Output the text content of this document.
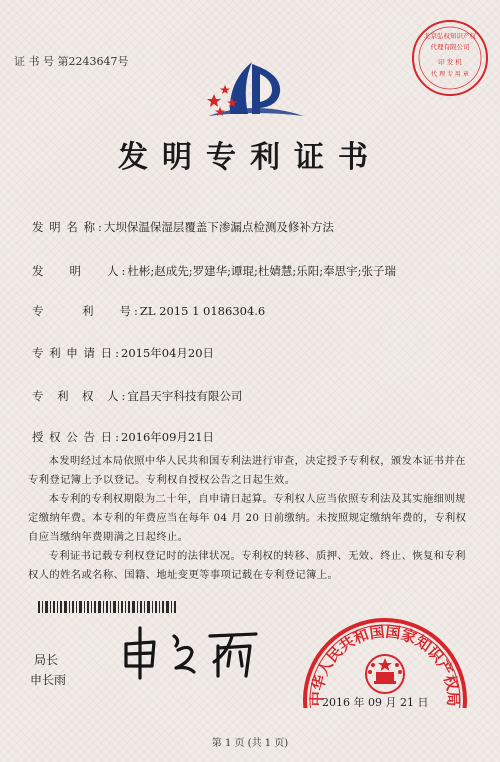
证 书 号 第2243647号
北京弘权知识产权
代理有限公司
印 发 机
代 理 专 用 章
发明专利证书
发 明 名 称 : 大坝保温保湿层覆盖下渗漏点检测及修补方法
发　　明　　人 : 杜彬;赵成先;罗建华;谭琨;杜婧慧;乐阳;奉思宇;张子瑞
专　　　利　　号 : ZL 2015 1 0186304.6
专 利 申 请 日 : 2015年04月20日
专　利　权　人 : 宜昌天宇科技有限公司
授 权 公 告 日 : 2016年09月21日

本发明经过本局依照中华人民共和国专利法进行审查，决定授予专利权，颁发本证书并在专利登记簿上予以登记。专利权自授权公告之日起生效。

本专利的专利权期限为二十年，自申请日起算。专利权人应当依照专利法及其实施细则规定缴纳年费。本专利的年费应当在每年 04 月 20 日前缴纳。未按照规定缴纳年费的，专利权自应当缴纳年费期满之日起终止。

专利证书记载专利权登记时的法律状况。专利权的转移、质押、无效、终止、恢复和专利权人的姓名或名称、国籍、地址变更等事项记载在专利登记簿上。

局长
申长雨
中华人民共和国国家知识产权局
2016 年 09 月 21 日
第 1 页 (共 1 页)
